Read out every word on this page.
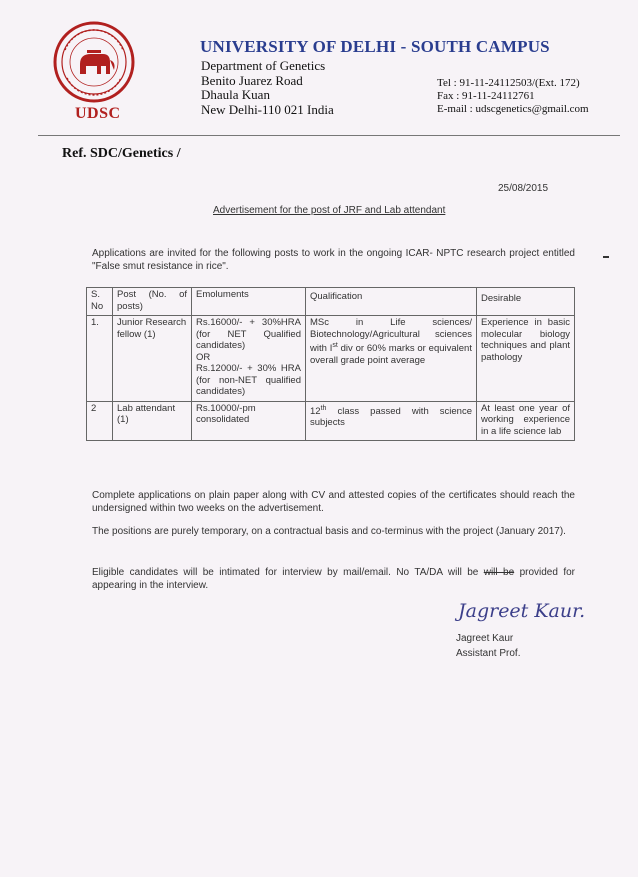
UDSC
UNIVERSITY OF DELHI - SOUTH CAMPUS
Department of Genetics
Benito Juarez Road
Dhaula Kuan
New Delhi-110 021 India
Tel : 91-11-24112503/(Ext. 172)
Fax : 91-11-24112761
E-mail : udscgenetics@gmail.com
Ref. SDC/Genetics /
25/08/2015
Advertisement for the post of JRF and Lab attendant
Applications are invited for the following posts to work in the ongoing ICAR- NPTC research project entitled "False smut resistance in rice".
S. No	Post (No. of posts)	Emoluments	Qualification	Desirable
1.	Junior Research fellow (1)	Rs.16000/- + 30%HRA (for NET Qualified candidates)
OR
Rs.12000/- + 30% HRA (for non-NET qualified candidates)	MSc in Life sciences/ Biotechnology/Agricultural sciences with Ist div or 60% marks or equivalent overall grade point average	Experience in basic molecular biology techniques and plant pathology
2	Lab attendant (1)	Rs.10000/-pm consolidated	12th class passed with science subjects	At least one year of working experience in a life science lab
Complete applications on plain paper along with CV and attested copies of the certificates should reach the undersigned within two weeks on the advertisement.
The positions are purely temporary, on a contractual basis and co-terminus with the project (January 2017).
Eligible candidates will be intimated for interview by mail/email. No TA/DA will be will be provided for appearing in the interview.
Jagreet Kaur.
Jagreet Kaur
Assistant Prof.
